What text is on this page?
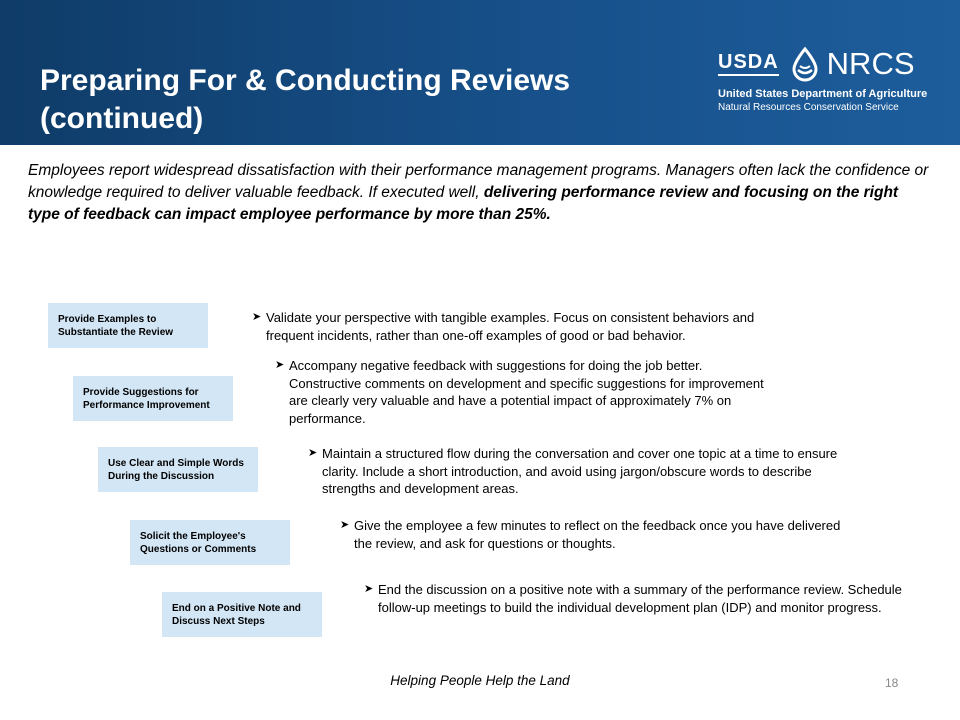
Preparing For & Conducting Reviews
(continued)
USDA NRCS
United States Department of Agriculture
Natural Resources Conservation Service

Employees report widespread dissatisfaction with their performance management programs. Managers often lack the confidence or knowledge required to deliver valuable feedback. If executed well, delivering performance review and focusing on the right type of feedback can impact employee performance by more than 25%.

Provide Examples to Substantiate the Review
Provide Suggestions for Performance Improvement
Use Clear and Simple Words During the Discussion
Solicit the Employee's Questions or Comments
End on a Positive Note and Discuss Next Steps
➤ Validate your perspective with tangible examples. Focus on consistent behaviors and frequent incidents, rather than one-off examples of good or bad behavior.
➤ Accompany negative feedback with suggestions for doing the job better. Constructive comments on development and specific suggestions for improvement are clearly very valuable and have a potential impact of approximately 7% on performance.
➤ Maintain a structured flow during the conversation and cover one topic at a time to ensure clarity. Include a short introduction, and avoid using jargon/obscure words to describe strengths and development areas.
➤ Give the employee a few minutes to reflect on the feedback once you have delivered the review, and ask for questions or thoughts.
➤ End the discussion on a positive note with a summary of the performance review. Schedule follow-up meetings to build the individual development plan (IDP) and monitor progress.
Helping People Help the Land	18
